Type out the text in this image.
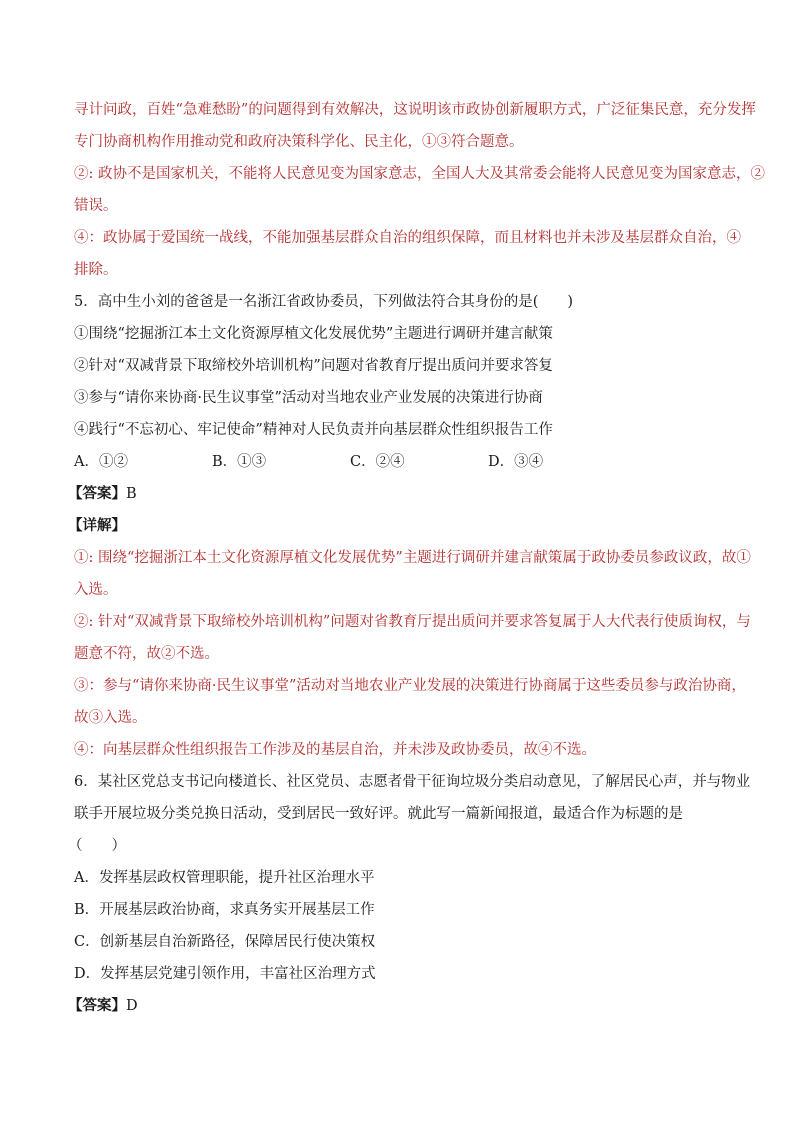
寻计问政，百姓“急难愁盼”的问题得到有效解决，这说明该市政协创新履职方式，广泛征集民意，充分发挥
专门协商机构作用推动党和政府决策科学化、民主化，①③符合题意。
②: 政协不是国家机关，不能将人民意见变为国家意志，全国人大及其常委会能将人民意见变为国家意志，②
错误。
④：政协属于爱国统一战线，不能加强基层群众自治的组织保障，而且材料也并未涉及基层群众自治，④
排除。
5．高中生小刘的爸爸是一名浙江省政协委员，下列做法符合其身份的是(　　)
①围绕“挖掘浙江本土文化资源厚植文化发展优势”主题进行调研并建言献策
②针对“双减背景下取缔校外培训机构”问题对省教育厅提出质问并要求答复
③参与“请你来协商·民生议事堂”活动对当地农业产业发展的决策进行协商
④践行“不忘初心、牢记使命”精神对人民负责并向基层群众性组织报告工作
A．①②	B．①③	C．②④	D．③④
【答案】B
【详解】
①: 围绕“挖掘浙江本土文化资源厚植文化发展优势”主题进行调研并建言献策属于政协委员参政议政，故①
入选。
②: 针对“双减背景下取缔校外培训机构”问题对省教育厅提出质问并要求答复属于人大代表行使质询权，与
题意不符，故②不选。
③：参与“请你来协商·民生议事堂”活动对当地农业产业发展的决策进行协商属于这些委员参与政治协商，
故③入选。
④：向基层群众性组织报告工作涉及的基层自治，并未涉及政协委员，故④不选。
6．某社区党总支书记向楼道长、社区党员、志愿者骨干征询垃圾分类启动意见，了解居民心声，并与物业
联手开展垃圾分类兑换日活动，受到居民一致好评。就此写一篇新闻报道，最适合作为标题的是
（　　）
A．发挥基层政权管理职能，提升社区治理水平
B．开展基层政治协商，求真务实开展基层工作
C．创新基层自治新路径，保障居民行使决策权
D．发挥基层党建引领作用，丰富社区治理方式
【答案】D
